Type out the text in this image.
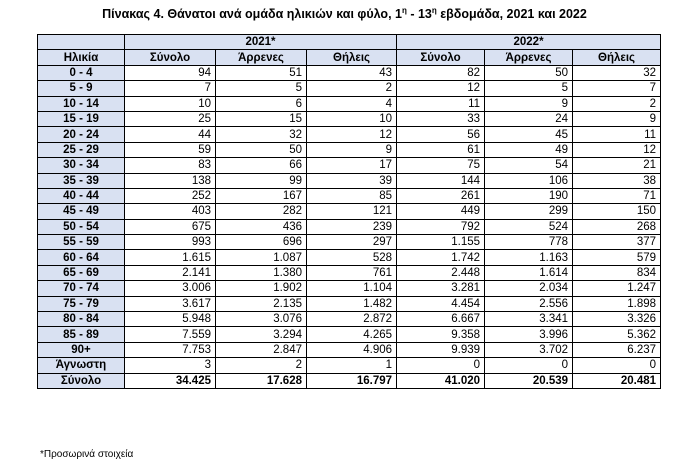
Πίνακας 4. Θάνατοι ανά ομάδα ηλικιών και φύλο, $1^\eta - 13^\eta$ εβδομάδα, 2021 και 2022
	2021*			2022*		
Ηλικία	Σύνολο	Άρρενες	Θήλεις	Σύνολο	Άρρενες	Θήλεις
0 - 4	94	51	43	82	50	32
5 - 9	7	5	2	12	5	7
10 - 14	10	6	4	11	9	2
15 - 19	25	15	10	33	24	9
20 - 24	44	32	12	56	45	11
25 - 29	59	50	9	61	49	12
30 - 34	83	66	17	75	54	21
35 - 39	138	99	39	144	106	38
40 - 44	252	167	85	261	190	71
45 - 49	403	282	121	449	299	150
50 - 54	675	436	239	792	524	268
55 - 59	993	696	297	1.155	778	377
60 - 64	1.615	1.087	528	1.742	1.163	579
65 - 69	2.141	1.380	761	2.448	1.614	834
70 - 74	3.006	1.902	1.104	3.281	2.034	1.247
75 - 79	3.617	2.135	1.482	4.454	2.556	1.898
80 - 84	5.948	3.076	2.872	6.667	3.341	3.326
85 - 89	7.559	3.294	4.265	9.358	3.996	5.362
90+	7.753	2.847	4.906	9.939	3.702	6.237
Άγνωστη	3	2	1	0	0	0
Σύνολο	34.425	17.628	16.797	41.020	20.539	20.481
*Προσωρινά στοιχεία
